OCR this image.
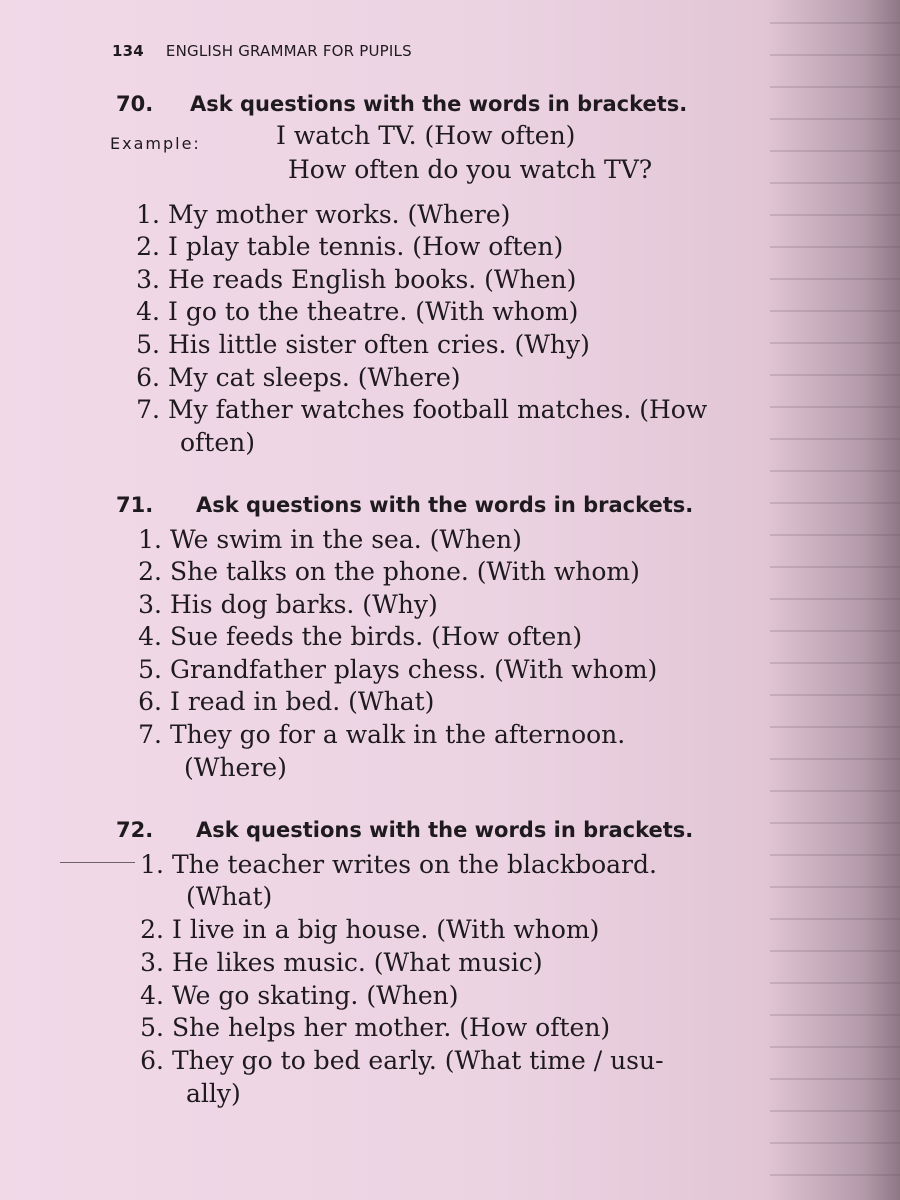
134 ENGLISH GRAMMAR FOR PUPILS
70. Ask questions with the words in brackets.
Example:	I watch TV. (How often)
How often do you watch TV?
1. My mother works. (Where)
2. I play table tennis. (How often)
3. He reads English books. (When)
4. I go to the theatre. (With whom)
5. His little sister often cries. (Why)
6. My cat sleeps. (Where)
7. My father watches football matches. (How
often)
71. Ask questions with the words in brackets.
1. We swim in the sea. (When)
2. She talks on the phone. (With whom)
3. His dog barks. (Why)
4. Sue feeds the birds. (How often)
5. Grandfather plays chess. (With whom)
6. I read in bed. (What)
7. They go for a walk in the afternoon.
(Where)
72. Ask questions with the words in brackets.
1. The teacher writes on the blackboard.
(What)
2. I live in a big house. (With whom)
3. He likes music. (What music)
4. We go skating. (When)
5. She helps her mother. (How often)
6. They go to bed early. (What time / usu-
ally)
